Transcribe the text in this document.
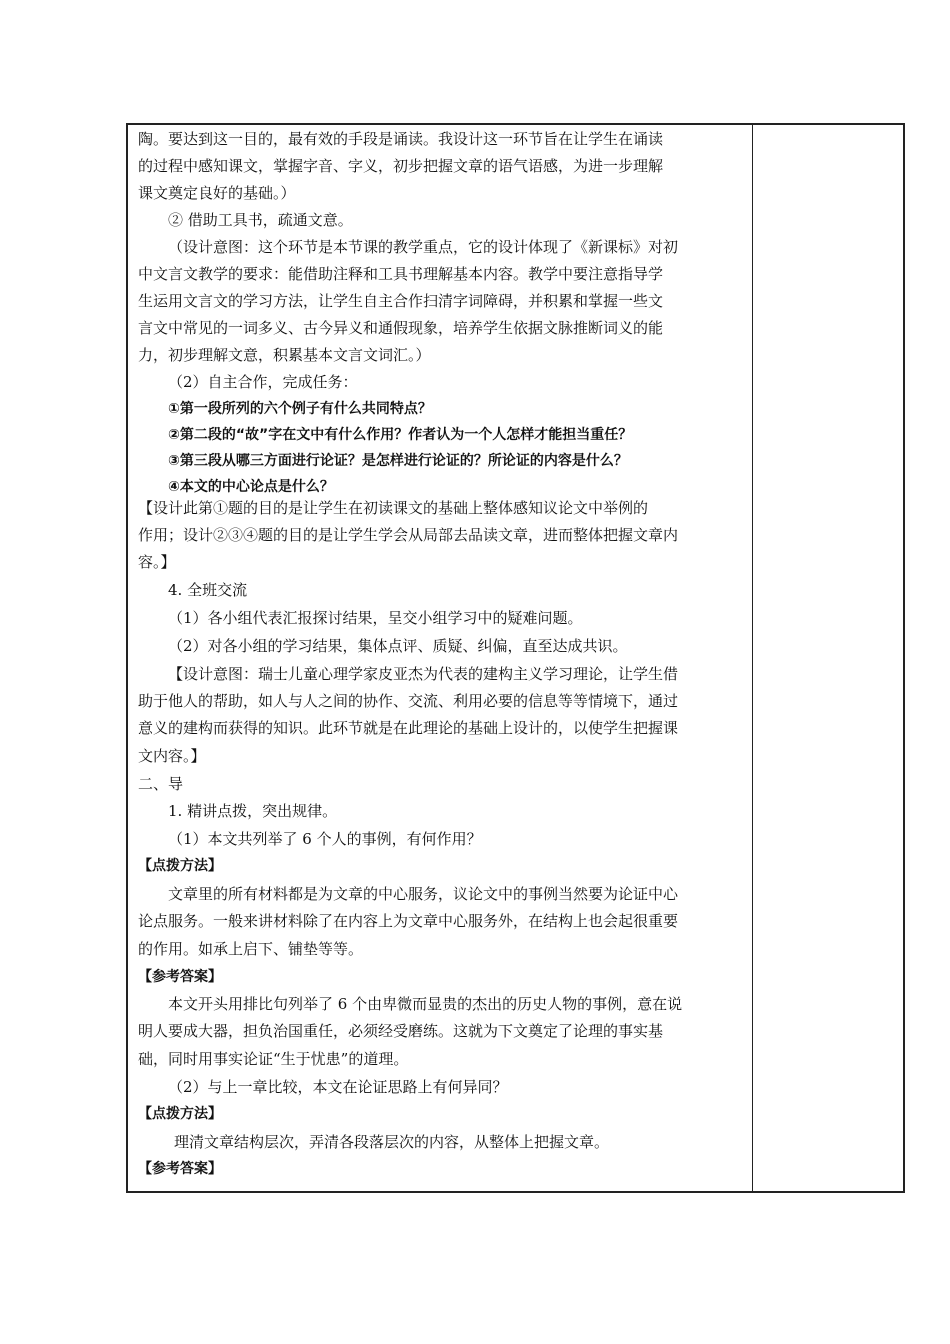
陶。要达到这一目的，最有效的手段是诵读。我设计这一环节旨在让学生在诵读
的过程中感知课文，掌握字音、字义，初步把握文章的语气语感，为进一步理解
课文奠定良好的基础。）
② 借助工具书，疏通文意。
（设计意图：这个环节是本节课的教学重点，它的设计体现了《新课标》对初
中文言文教学的要求：能借助注释和工具书理解基本内容。教学中要注意指导学
生运用文言文的学习方法，让学生自主合作扫清字词障碍，并积累和掌握一些文
言文中常见的一词多义、古今异义和通假现象，培养学生依据文脉推断词义的能
力，初步理解文意，积累基本文言文词汇。）
（2）自主合作，完成任务：
①第一段所列的六个例子有什么共同特点？
②第二段的“故”字在文中有什么作用？作者认为一个人怎样才能担当重任？
③第三段从哪三方面进行论证？是怎样进行论证的？所论证的内容是什么？
④本文的中心论点是什么？
【设计此第①题的目的是让学生在初读课文的基础上整体感知议论文中举例的
作用；设计②③④题的目的是让学生学会从局部去品读文章，进而整体把握文章内
容。】
4. 全班交流
（1）各小组代表汇报探讨结果，呈交小组学习中的疑难问题。
（2）对各小组的学习结果，集体点评、质疑、纠偏，直至达成共识。
【设计意图：瑞士儿童心理学家皮亚杰为代表的建构主义学习理论，让学生借
助于他人的帮助，如人与人之间的协作、交流、利用必要的信息等等情境下，通过
意义的建构而获得的知识。此环节就是在此理论的基础上设计的，以使学生把握课
文内容。】
二、导
1. 精讲点拨，突出规律。
（1）本文共列举了 6 个人的事例，有何作用？
【点拨方法】
文章里的所有材料都是为文章的中心服务，议论文中的事例当然要为论证中心
论点服务。一般来讲材料除了在内容上为文章中心服务外，在结构上也会起很重要
的作用。如承上启下、铺垫等等。
【参考答案】
本文开头用排比句列举了 6 个由卑微而显贵的杰出的历史人物的事例，意在说
明人要成大器，担负治国重任，必须经受磨练。这就为下文奠定了论理的事实基
础，同时用事实论证“生于忧患”的道理。
（2）与上一章比较，本文在论证思路上有何异同？
【点拨方法】
理清文章结构层次，弄清各段落层次的内容，从整体上把握文章。
【参考答案】
